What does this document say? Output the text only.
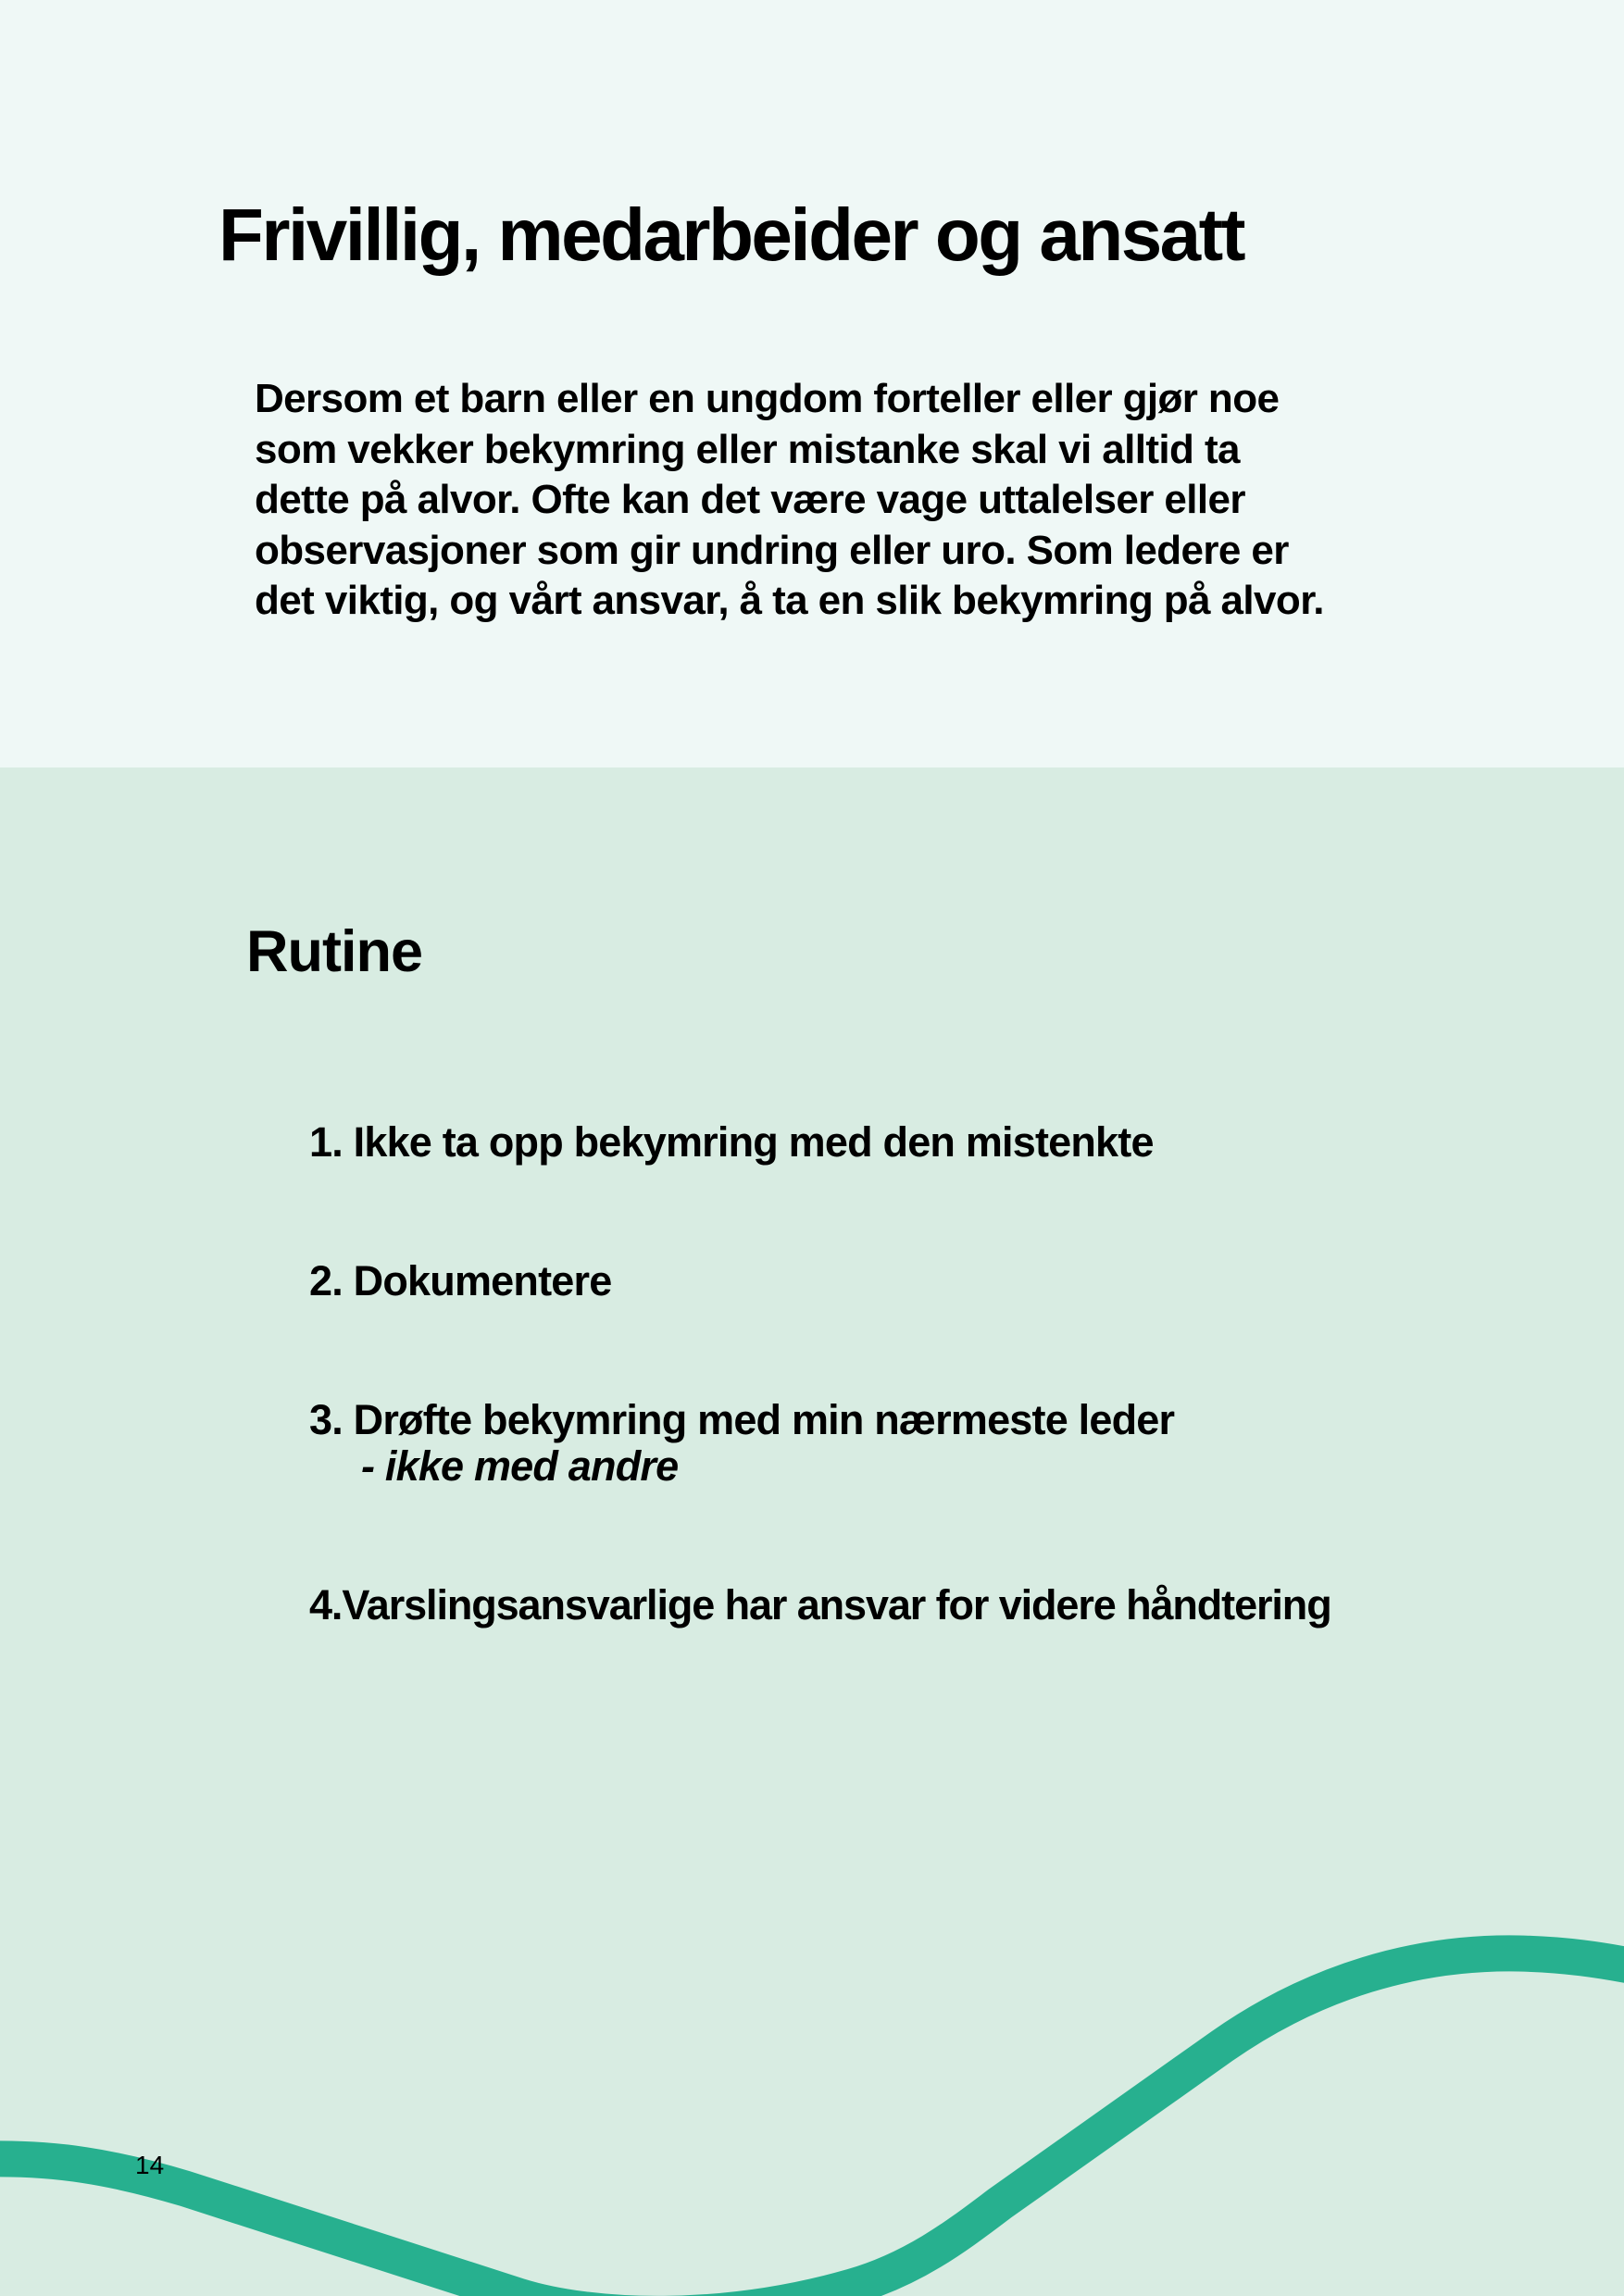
Frivillig, medarbeider og ansatt

Dersom et barn eller en ungdom forteller eller gjør noe
som vekker bekymring eller mistanke skal vi alltid ta
dette på alvor. Ofte kan det være vage uttalelser eller
observasjoner som gir undring eller uro. Som ledere er
det viktig, og vårt ansvar, å ta en slik bekymring på alvor.

Rutine
1. Ikke ta opp bekymring med den mistenkte
2. Dokumentere
3. Drøfte bekymring med min nærmeste leder
- ikke med andre
4.Varslingsansvarlige har ansvar for videre håndtering
14
